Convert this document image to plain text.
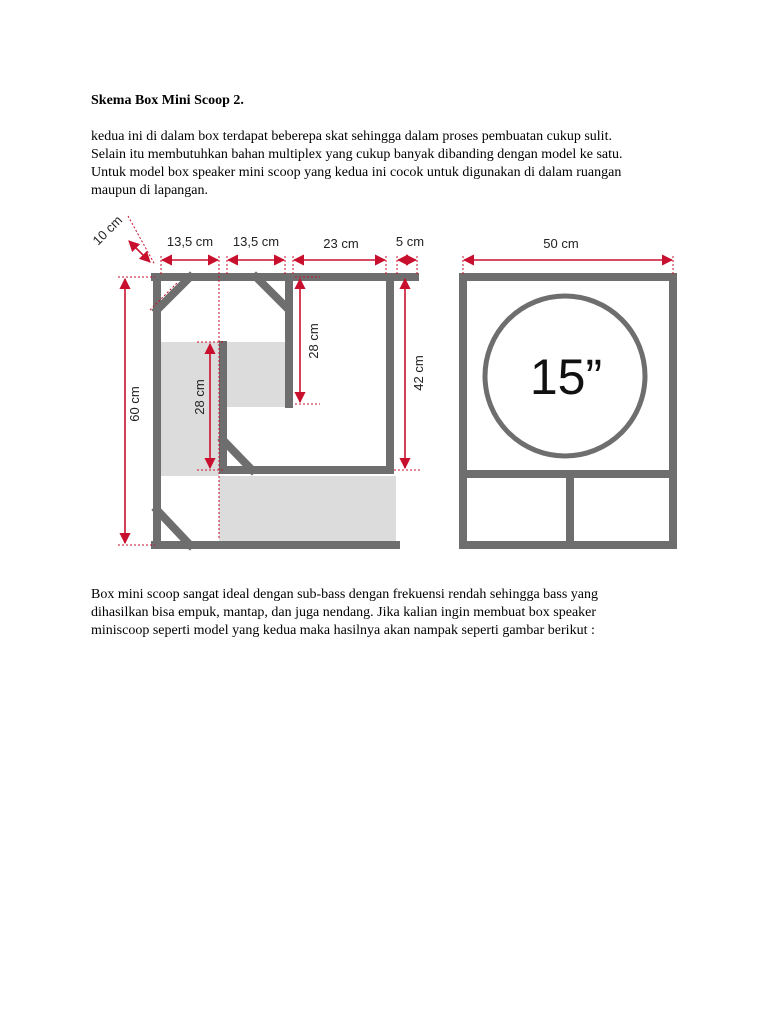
Skema Box Mini Scoop 2.

kedua ini di dalam box terdapat beberepa skat sehingga dalam proses pembuatan cukup sulit.
Selain itu membutuhkan bahan multiplex yang cukup banyak dibanding dengan model ke satu.
Untuk model box speaker mini scoop yang kedua ini cocok untuk digunakan di dalam ruangan
maupun di lapangan.
15”
13,5 cm 13,5 cm	23 cm	5 cm	50 cm
60 cm	28 cm
28 cm
42 cm
10 cm
Box mini scoop sangat ideal dengan sub-bass dengan frekuensi rendah sehingga bass yang
dihasilkan bisa empuk, mantap, dan juga nendang. Jika kalian ingin membuat box speaker
miniscoop seperti model yang kedua maka hasilnya akan nampak seperti gambar berikut :
